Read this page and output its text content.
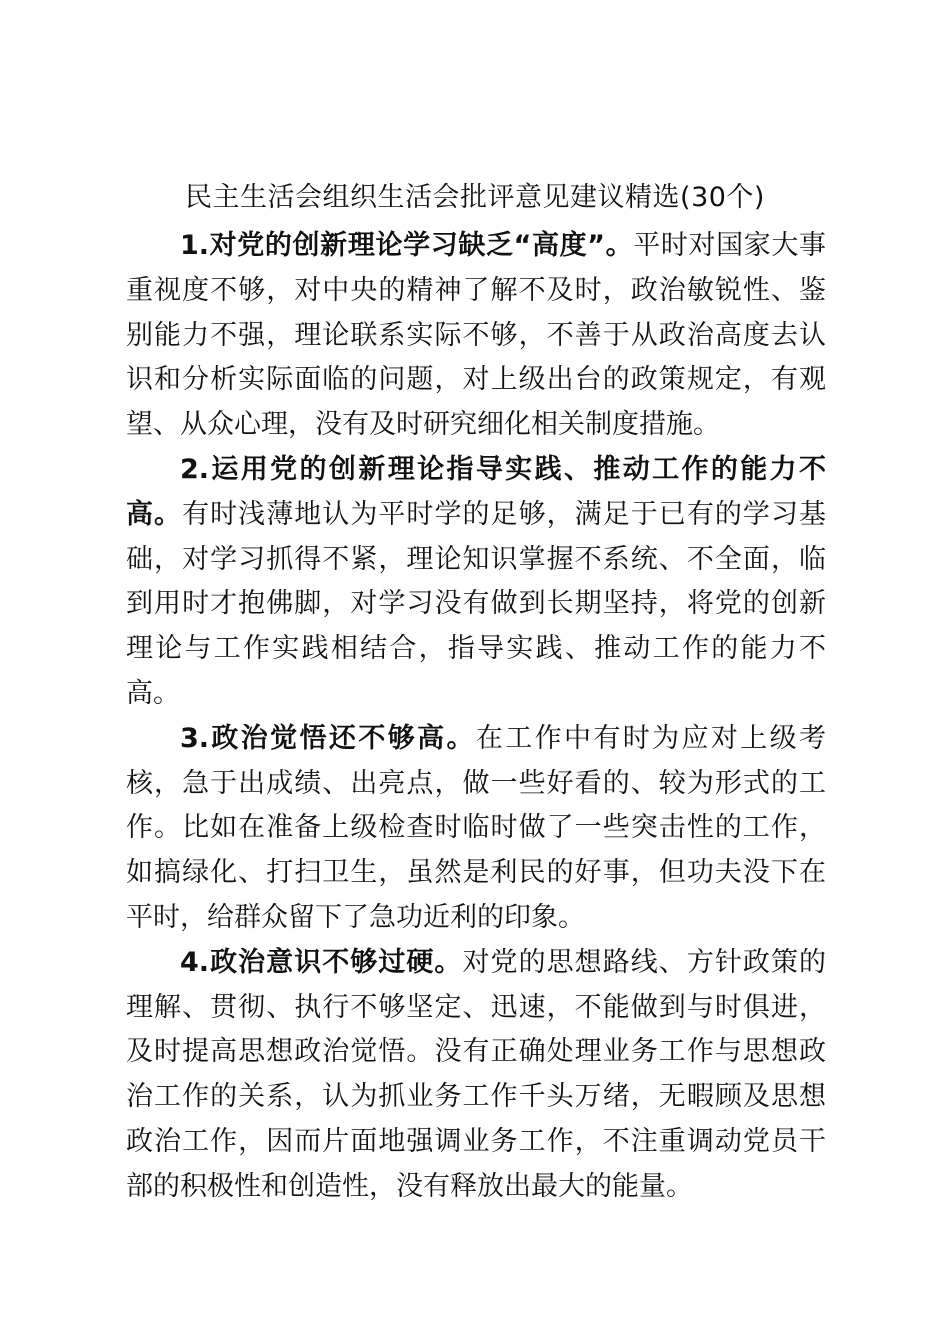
民主生活会组织生活会批评意见建议精选(30个)

1.对党的创新理论学习缺乏“高度”。平时对国家大事重视度不够，对中央的精神了解不及时，政治敏锐性、鉴别能力不强，理论联系实际不够，不善于从政治高度去认识和分析实际面临的问题，对上级出台的政策规定，有观望、从众心理，没有及时研究细化相关制度措施。

2.运用党的创新理论指导实践、推动工作的能力不高。有时浅薄地认为平时学的足够，满足于已有的学习基础，对学习抓得不紧，理论知识掌握不系统、不全面，临到用时才抱佛脚，对学习没有做到长期坚持，将党的创新理论与工作实践相结合，指导实践、推动工作的能力不高。

3.政治觉悟还不够高。在工作中有时为应对上级考核，急于出成绩、出亮点，做一些好看的、较为形式的工作。比如在准备上级检查时临时做了一些突击性的工作，如搞绿化、打扫卫生，虽然是利民的好事，但功夫没下在平时，给群众留下了急功近利的印象。

4.政治意识不够过硬。对党的思想路线、方针政策的理解、贯彻、执行不够坚定、迅速，不能做到与时俱进，及时提高思想政治觉悟。没有正确处理业务工作与思想政治工作的关系，认为抓业务工作千头万绪，无暇顾及思想政治工作，因而片面地强调业务工作，不注重调动党员干部的积极性和创造性，没有释放出最大的能量。
